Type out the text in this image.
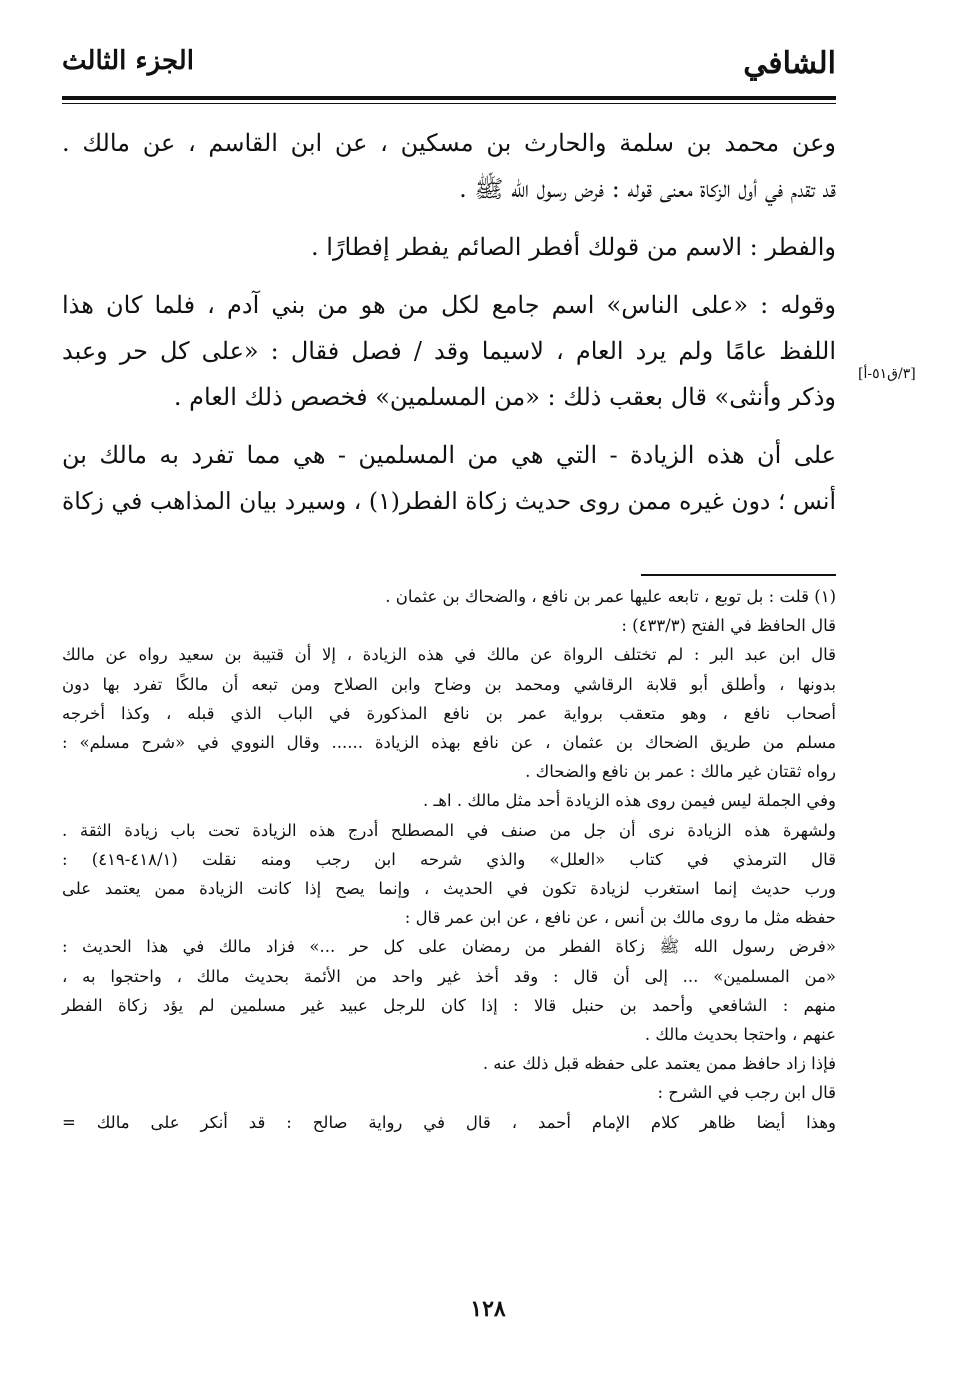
الشافي
الجزء الثالث
وعن محمد بن سلمة والحارث بن مسكين ، عن ابن القاسم ، عن مالك .
قد تقدم في أول الزكاة معنى قوله : فرض رسول الله ﷺ .
والفطر : الاسم من قولك أفطر الصائم يفطر إفطارًا .
وقوله : «على الناس» اسم جامع لكل من هو من بني آدم ، فلما كان هذا
اللفظ عامًا ولم يرد العام ، لاسيما وقد / فصل فقال : «على كل حر وعبد
وذكر وأنثى» قال بعقب ذلك : «من المسلمين» فخصص ذلك العام .
على أن هذه الزيادة - التي هي من المسلمين - هي مما تفرد به مالك بن
أنس ؛ دون غيره ممن روى حديث زكاة الفطر(١) ، وسيرد بيان المذاهب في زكاة
[٣/ق٥١-أ]
(١) قلت : بل توبع ، تابعه عليها عمر بن نافع ، والضحاك بن عثمان .
قال الحافظ في الفتح (٤٣٣/٣) :
قال ابن عبد البر : لم تختلف الرواة عن مالك في هذه الزيادة ، إلا أن قتيبة بن سعيد رواه عن مالك
بدونها ، وأطلق أبو قلابة الرقاشي ومحمد بن وضاح وابن الصلاح ومن تبعه أن مالكًا تفرد بها دون
أصحاب نافع ، وهو متعقب برواية عمر بن نافع المذكورة في الباب الذي قبله ، وكذا أخرجه
مسلم من طريق الضحاك بن عثمان ، عن نافع بهذه الزيادة ...... وقال النووي في «شرح مسلم» :
رواه ثقتان غير مالك : عمر بن نافع والضحاك .
وفي الجملة ليس فيمن روى هذه الزيادة أحد مثل مالك . اهـ .
ولشهرة هذه الزيادة نرى أن جل من صنف في المصطلح أدرج هذه الزيادة تحت باب زيادة الثقة .
قال الترمذي في كتاب «العلل» والذي شرحه ابن رجب ومنه نقلت (٤١٨/١-٤١٩) :
ورب حديث إنما استغرب لزيادة تكون في الحديث ، وإنما يصح إذا كانت الزيادة ممن يعتمد على
حفظه مثل ما روى مالك بن أنس ، عن نافع ، عن ابن عمر قال :
«فرض رسول الله ﷺ زكاة الفطر من رمضان على كل حر ...» فزاد مالك في هذا الحديث :
«من المسلمين» ... إلى أن قال : وقد أخذ غير واحد من الأئمة بحديث مالك ، واحتجوا به ،
منهم : الشافعي وأحمد بن حنبل قالا : إذا كان للرجل عبيد غير مسلمين لم يؤد زكاة الفطر
عنهم ، واحتجا بحديث مالك .
فإذا زاد حافظ ممن يعتمد على حفظه قبل ذلك عنه .
قال ابن رجب في الشرح :
وهذا أيضا ظاهر كلام الإمام أحمد ، قال في رواية صالح : قد أنكر على مالك =
١٢٨
